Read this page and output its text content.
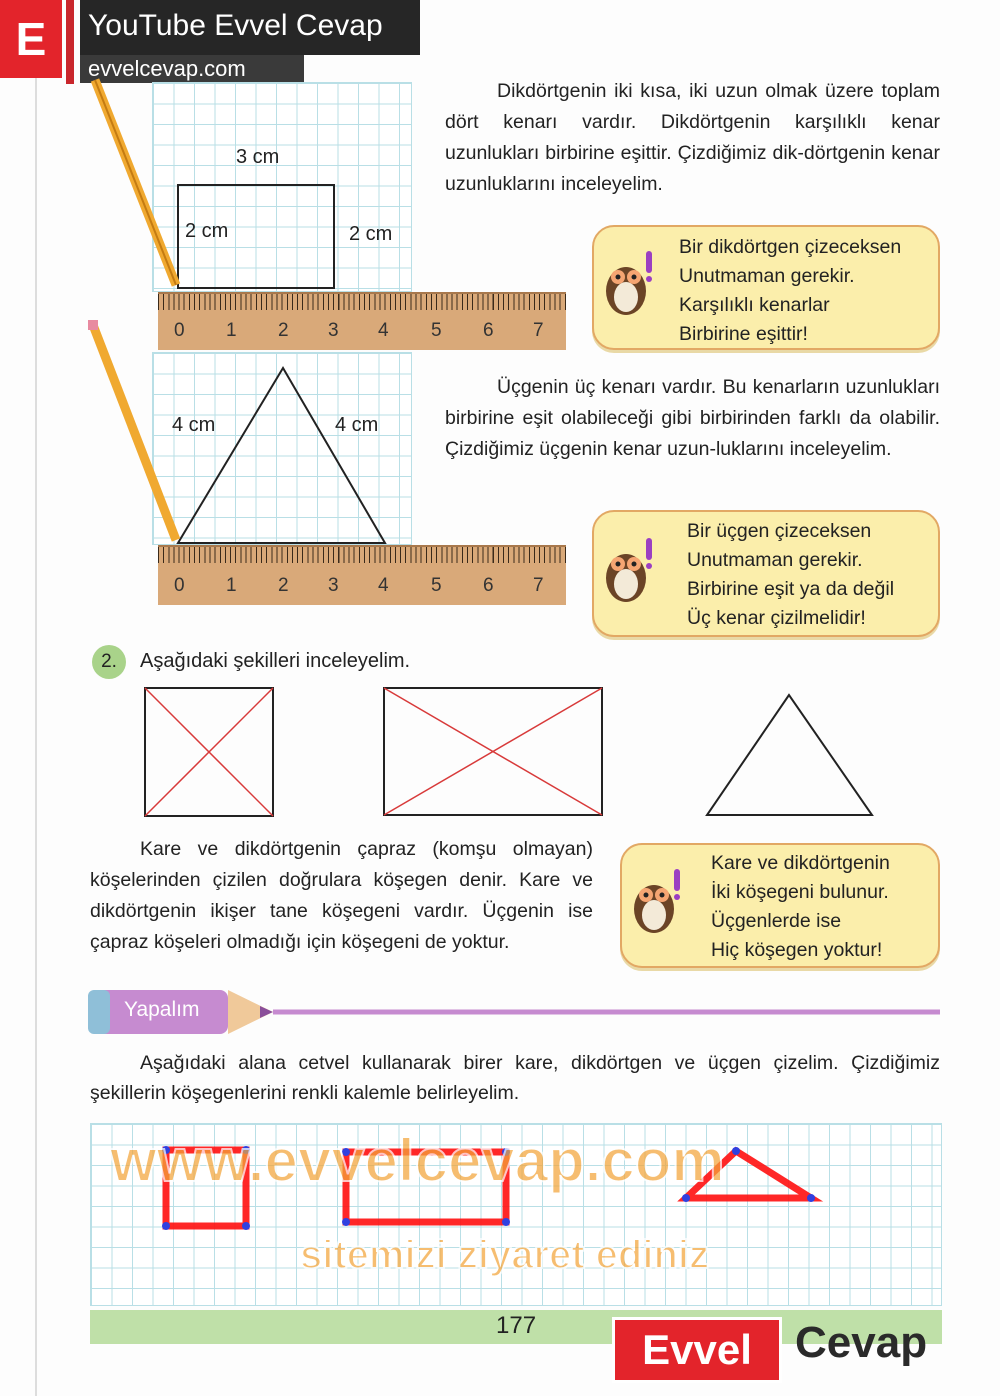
E	YouTube Evvel Cevap
evvelcevap.com
3 cm
2 cm	2 cm
4 cm	4 cm
0 1 2 3 4 5 6 7
0 1 2 3 4 5 6 7
Dikdörtgenin iki kısa, iki uzun olmak üzere toplam dört kenarı vardır. Dikdörtgenin karşılıklı kenar uzunlukları birbirine eşittir. Çizdiğimiz dik-dörtgenin kenar uzunluklarını inceleyelim.
Üçgenin üç kenarı vardır. Bu kenarların uzunlukları birbirine eşit olabileceği gibi birbirinden farklı da olabilir. Çizdiğimiz üçgenin kenar uzun-luklarını inceleyelim.
Bir dikdörtgen çizeceksen
Unutmaman gerekir.
Karşılıklı kenarlar
Birbirine eşittir!
Bir üçgen çizeceksen
Unutmaman gerekir.
Birbirine eşit ya da değil
Üç kenar çizilmelidir!
Kare ve dikdörtgenin
İki köşegeni bulunur.
Üçgenlerde ise
Hiç köşegen yoktur!
2.	Aşağıdaki şekilleri inceleyelim.
Kare ve dikdörtgenin çapraz (komşu olmayan) köşelerinden çizilen doğrulara köşegen denir. Kare ve dikdörtgenin ikişer tane köşegeni vardır. Üçgenin ise çapraz köşeleri olmadığı için köşegeni de yoktur.
Yapalım
Aşağıdaki alana cetvel kullanarak birer kare, dikdörtgen ve üçgen çizelim. Çizdiğimiz şekillerin köşegenlerini renkli kalemle belirleyelim.
www.evvelcevap.com
sitemizi ziyaret ediniz
177
Evvel Cevap
